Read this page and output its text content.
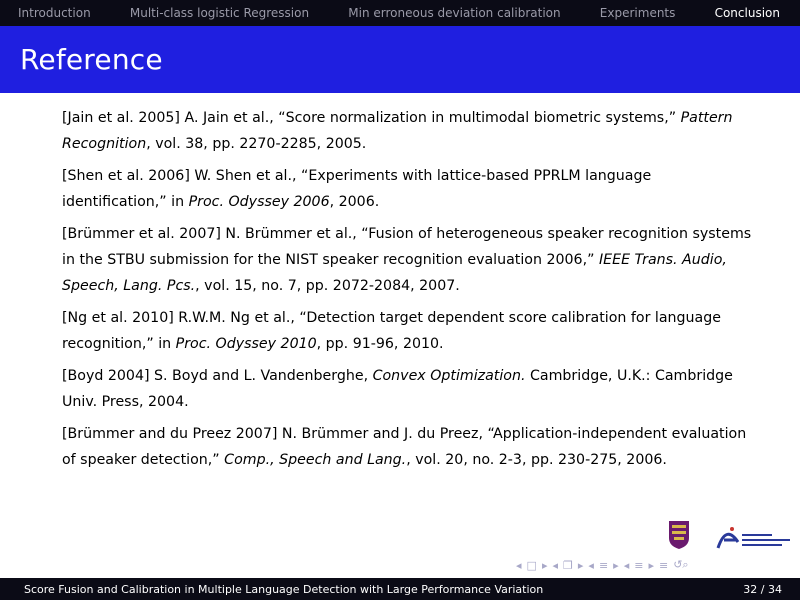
Introduction	Multi-class logistic Regression	Min erroneous deviation calibration	Experiments	Conclusion
Reference

[Jain et al. 2005] A. Jain et al., “Score normalization in multimodal biometric systems,” Pattern Recognition, vol. 38, pp. 2270-2285, 2005.

[Shen et al. 2006] W. Shen et al., “Experiments with lattice-based PPRLM language identification,” in Proc. Odyssey 2006, 2006.

[Brümmer et al. 2007] N. Brümmer et al., “Fusion of heterogeneous speaker recognition systems in the STBU submission for the NIST speaker recognition evaluation 2006,” IEEE Trans. Audio, Speech, Lang. Pcs., vol. 15, no. 7, pp. 2072-2084, 2007.

[Ng et al. 2010] R.W.M. Ng et al., “Detection target dependent score calibration for language recognition,” in Proc. Odyssey 2010, pp. 91-96, 2010.

[Boyd 2004] S. Boyd and L. Vandenberghe, Convex Optimization. Cambridge, U.K.: Cambridge Univ. Press, 2004.

[Brümmer and du Preez 2007] N. Brümmer and J. du Preez, “Application-independent evaluation of speaker detection,” Comp., Speech and Lang., vol. 20, no. 2-3, pp. 230-275, 2006.

◂ □ ▸ ◂ ❐ ▸ ◂ ≡ ▸ ◂ ≡ ▸ ≡ ↺⌕
Score Fusion and Calibration in Multiple Language Detection with Large Performance Variation	32 / 34
